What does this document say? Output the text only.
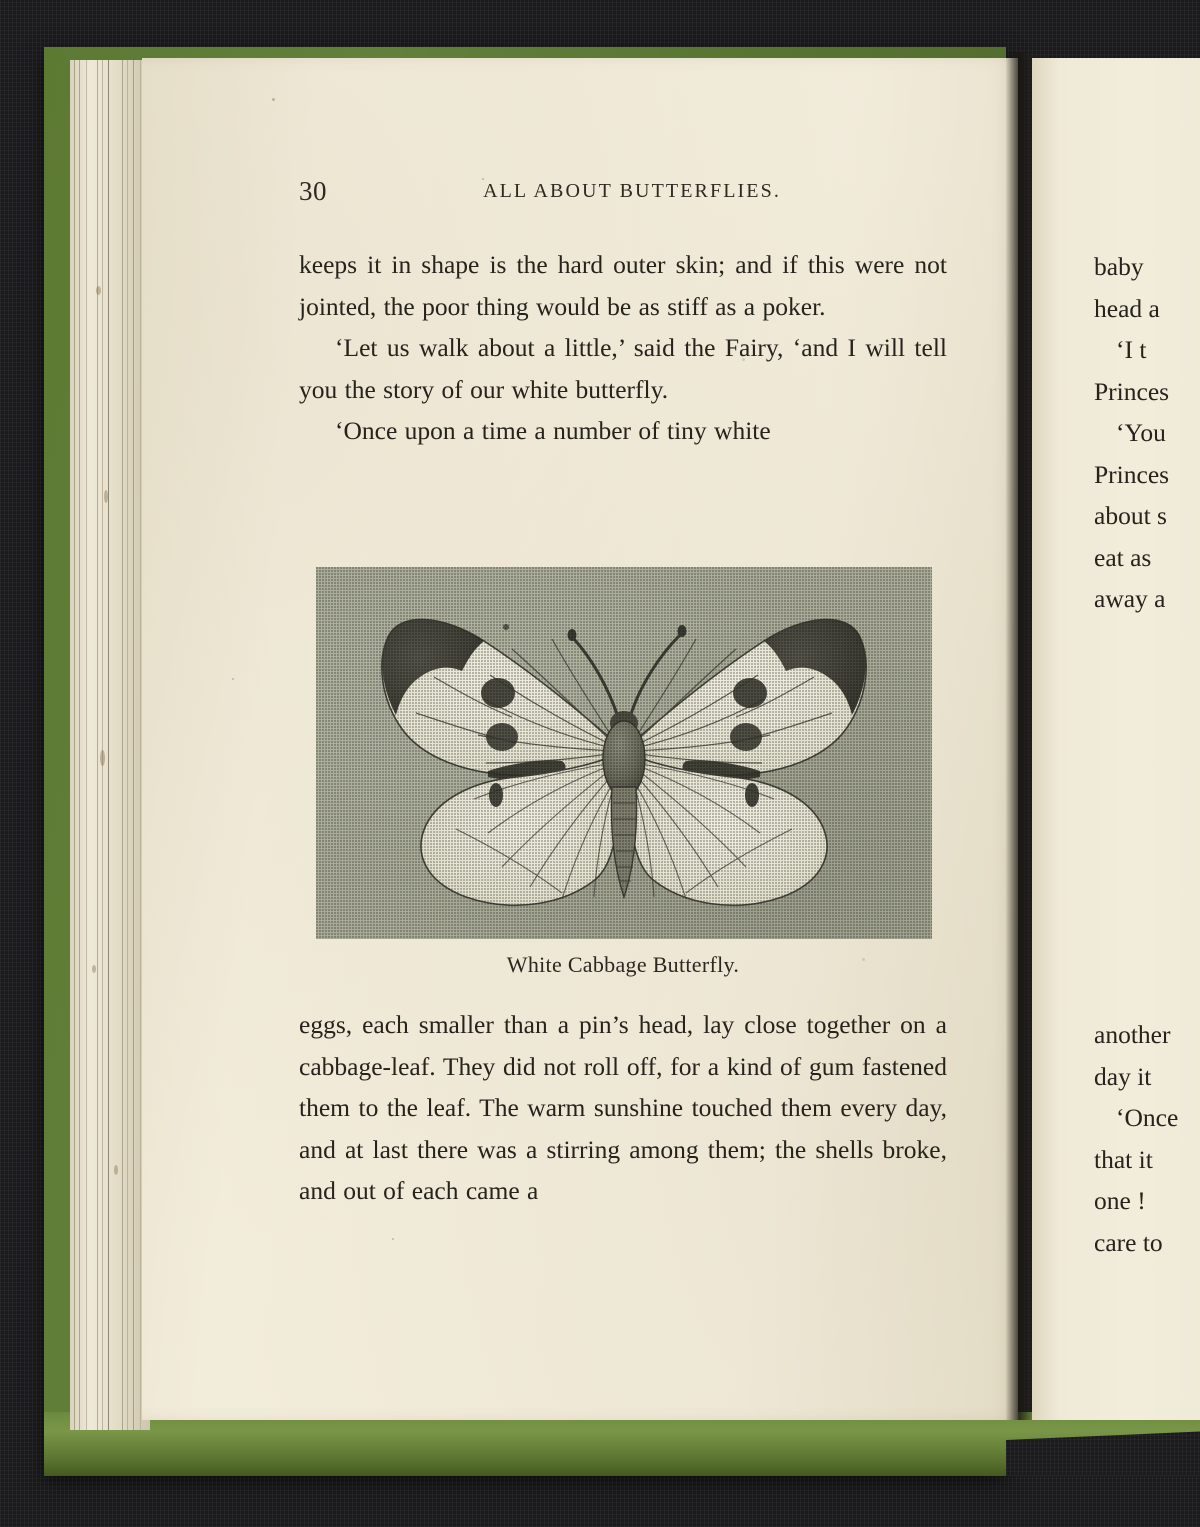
30	ALL ABOUT BUTTERFLIES.

keeps it in shape is the hard outer skin; and if this were not jointed, the poor thing would be as stiff as a poker.

‘Let us walk about a little,’ said the Fairy, ‘and I will tell you the story of our white butterfly.

‘Once upon a time a number of tiny white

White Cabbage Butterfly.

eggs, each smaller than a pin’s head, lay close together on a cabbage-leaf. They did not roll off, for a kind of gum fastened them to the leaf. The warm sunshine touched them every day, and at last there was a stirring among them; the shells broke, and out of each came a

baby
head a
‘I t
Princes
‘You
Princes
about s
eat as
away a
another
day it
‘Once
that it
one !
care to
